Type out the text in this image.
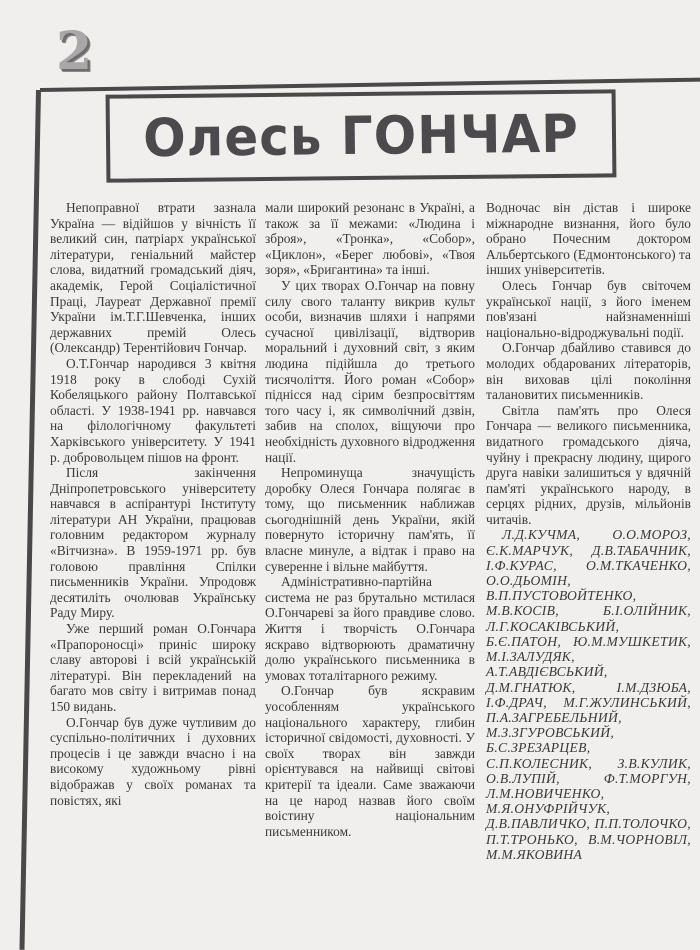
2
Олесь ГОНЧАР

Непоправної втрати зазнала Україна — відійшов у вічність її великий син, патріарх української літератури, геніальний майстер слова, видатний громадський діяч, академік, Герой Соціалістичної Праці, Лауреат Державної премії України ім.Т.Г.Шевченка, інших державних премій Олесь (Олександр) Терентійович Гончар.

О.Т.Гончар народився 3 квітня 1918 року в слободі Сухій Кобеляцького району Полтавської області. У 1938-1941 рр. навчався на філологічному факультеті Харківського університету. У 1941 р. добровольцем пішов на фронт.

Після закінчення Дніпропетровського університету навчався в аспірантурі Інституту літератури АН України, працював головним редактором журналу «Вітчизна». В 1959-1971 рр. був головою правління Спілки письменників України. Упродовж десятиліть очолював Українську Раду Миру.

Уже перший роман О.Гончара «Прапороносці» приніс широку славу авторові і всій українській літературі. Він перекладений на багато мов світу і витримав понад 150 видань.

О.Гончар був дуже чутливим до суспільно-політичних і духовних процесів і це завжди вчасно і на високому художньому рівні відображав у своїх романах та повістях, які

мали широкий резонанс в Україні, а також за її межами: «Людина і зброя», «Тронка», «Собор», «Циклон», «Берег любові», «Твоя зоря», «Бригантина» та інші.

У цих творах О.Гончар на повну силу свого таланту викрив культ особи, визначив шляхи і напрями сучасної цивілізації, відтворив моральний і духовний світ, з яким людина підійшла до третього тисячоліття. Його роман «Собор» піднісся над сірим безпросвіттям того часу і, як символічний дзвін, забив на сполох, віщуючи про необхідність духовного відродження нації.

Непроминуща значущість доробку Олеся Гончара полягає в тому, що письменник наближав сьогоднішній день України, якій повернуто історичну пам'ять, її власне минуле, а відтак і право на суверенне і вільне майбуття.

Адміністративно-партійна система не раз брутально мстилася О.Гончареві за його правдиве слово. Життя і творчість О.Гончара яскраво відтворюють драматичну долю українського письменника в умовах тоталітарного режиму.

О.Гончар був яскравим уособленням українського національного характеру, глибин історичної свідомості, духовності. У своїх творах він завжди орієнтувався на найвищі світові критерії та ідеали. Саме зважаючи на це народ назвав його своїм воістину національним письменником.

Водночас він дістав і широке міжнародне визнання, його було обрано Почесним доктором Альбертського (Едмонтонського) та інших університетів.

Олесь Гончар був світочем української нації, з його іменем пов'язані найзнаменніші національно-відроджувальні події.

О.Гончар дбайливо ставився до молодих обдарованих літераторів, він виховав цілі покоління талановитих письменників.

Світла пам'ять про Олеся Гончара — великого письменника, видатного громадського діяча, чуйну і прекрасну людину, щирого друга навіки залишиться у вдячній пам'яті українського народу, в серцях рідних, друзів, мільйонів читачів.

Л.Д.КУЧМА, О.О.МОРОЗ, Є.К.МАРЧУК, Д.В.ТАБАЧНИК, І.Ф.КУРАС, О.М.ТКАЧЕНКО, О.О.ДЬОМІН, В.П.ПУСТОВОЙТЕНКО, М.В.КОСІВ, Б.І.ОЛІЙНИК, Л.Г.КОСАКІВСЬКИЙ, Б.Є.ПАТОН, Ю.М.МУШКЕТИК, М.І.ЗАЛУДЯК, А.Т.АВДІЄВСЬКИЙ, Д.М.ГНАТЮК, І.М.ДЗЮБА, І.Ф.ДРАЧ, М.Г.ЖУЛИНСЬКИЙ, П.А.ЗАГРЕБЕЛЬНИЙ, М.З.ЗГУРОВСЬКИЙ, Б.С.ЗРЕЗАРЦЕВ, С.П.КОЛЕСНИК, З.В.КУЛИК, О.В.ЛУПІЙ, Ф.Т.МОРГУН, Л.М.НОВИЧЕНКО, М.Я.ОНУФРІЙЧУК, Д.В.ПАВЛИЧКО, П.П.ТОЛОЧКО, П.Т.ТРОНЬКО, В.М.ЧОРНОВІЛ, М.М.ЯКОВИНА
